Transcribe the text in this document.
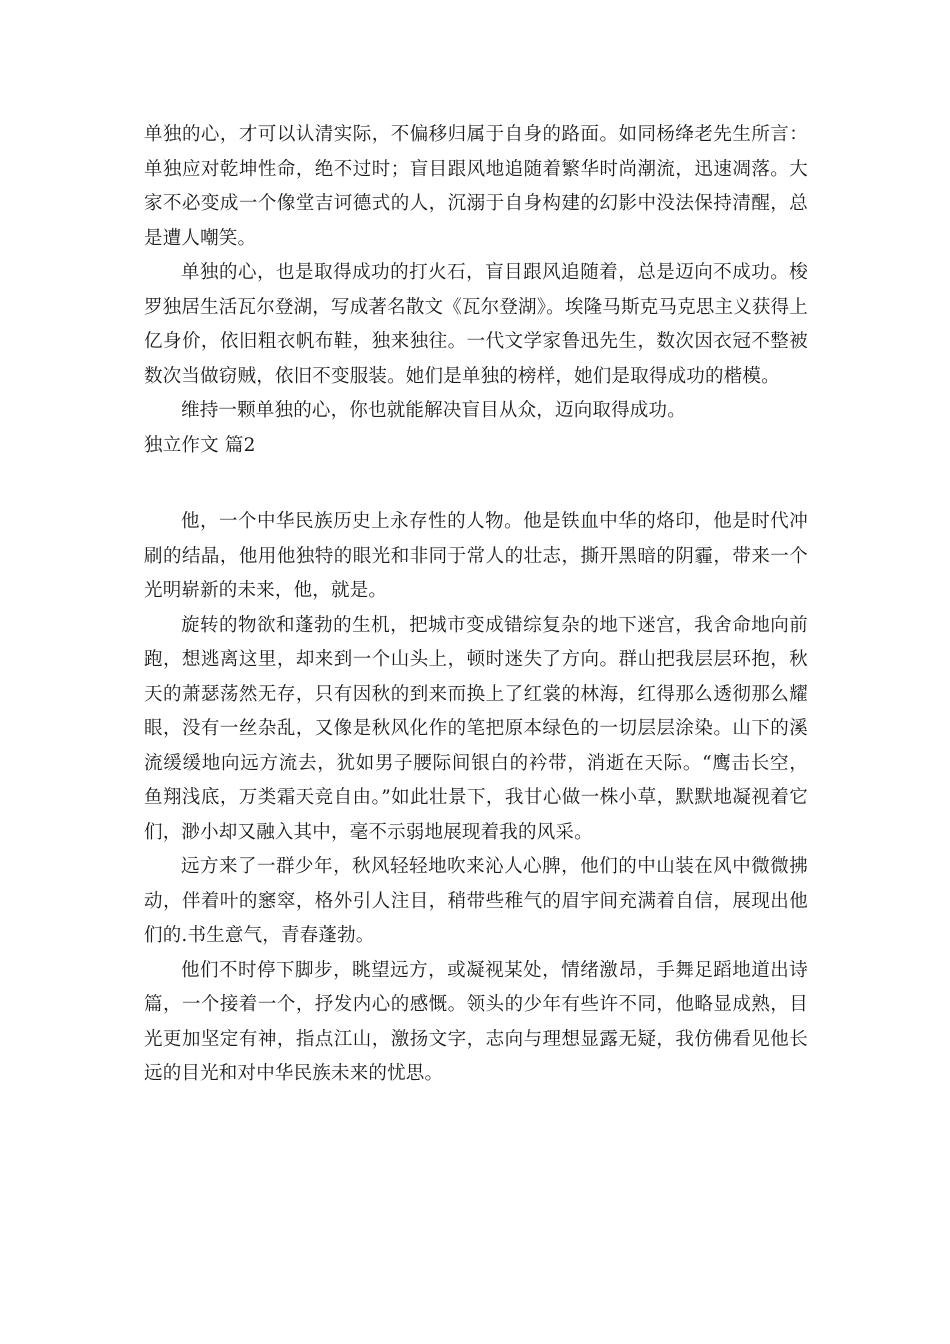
单独的心，才可以认清实际，不偏移归属于自身的路面。如同杨绛老先生所言：单独应对乾坤性命，绝不过时；盲目跟风地追随着繁华时尚潮流，迅速凋落。大家不必变成一个像堂吉诃德式的人，沉溺于自身构建的幻影中没法保持清醒，总是遭人嘲笑。

单独的心，也是取得成功的打火石，盲目跟风追随着，总是迈向不成功。梭罗独居生活瓦尔登湖，写成著名散文《瓦尔登湖》。埃隆马斯克马克思主义获得上亿身价，依旧粗衣帆布鞋，独来独往。一代文学家鲁迅先生，数次因衣冠不整被数次当做窃贼，依旧不变服装。她们是单独的榜样，她们是取得成功的楷模。

维持一颗单独的心，你也就能解决盲目从众，迈向取得成功。

独立作文 篇2

他，一个中华民族历史上永存性的人物。他是铁血中华的烙印，他是时代冲刷的结晶，他用他独特的眼光和非同于常人的壮志，撕开黑暗的阴霾，带来一个光明崭新的未来，他，就是。

旋转的物欲和蓬勃的生机，把城市变成错综复杂的地下迷宫，我舍命地向前跑，想逃离这里，却来到一个山头上，顿时迷失了方向。群山把我层层环抱，秋天的萧瑟荡然无存，只有因秋的到来而换上了红裳的林海，红得那么透彻那么耀眼，没有一丝杂乱，又像是秋风化作的笔把原本绿色的一切层层涂染。山下的溪流缓缓地向远方流去，犹如男子腰际间银白的衿带，消逝在天际。“鹰击长空，鱼翔浅底，万类霜天竞自由。”如此壮景下，我甘心做一株小草，默默地凝视着它们，渺小却又融入其中，毫不示弱地展现着我的风采。

远方来了一群少年，秋风轻轻地吹来沁人心脾，他们的中山装在风中微微拂动，伴着叶的窸窣，格外引人注目，稍带些稚气的眉宇间充满着自信，展现出他们的.书生意气，青春蓬勃。

他们不时停下脚步，眺望远方，或凝视某处，情绪激昂，手舞足蹈地道出诗篇，一个接着一个，抒发内心的感慨。领头的少年有些许不同，他略显成熟，目光更加坚定有神，指点江山，激扬文字，志向与理想显露无疑，我仿佛看见他长远的目光和对中华民族未来的忧思。
